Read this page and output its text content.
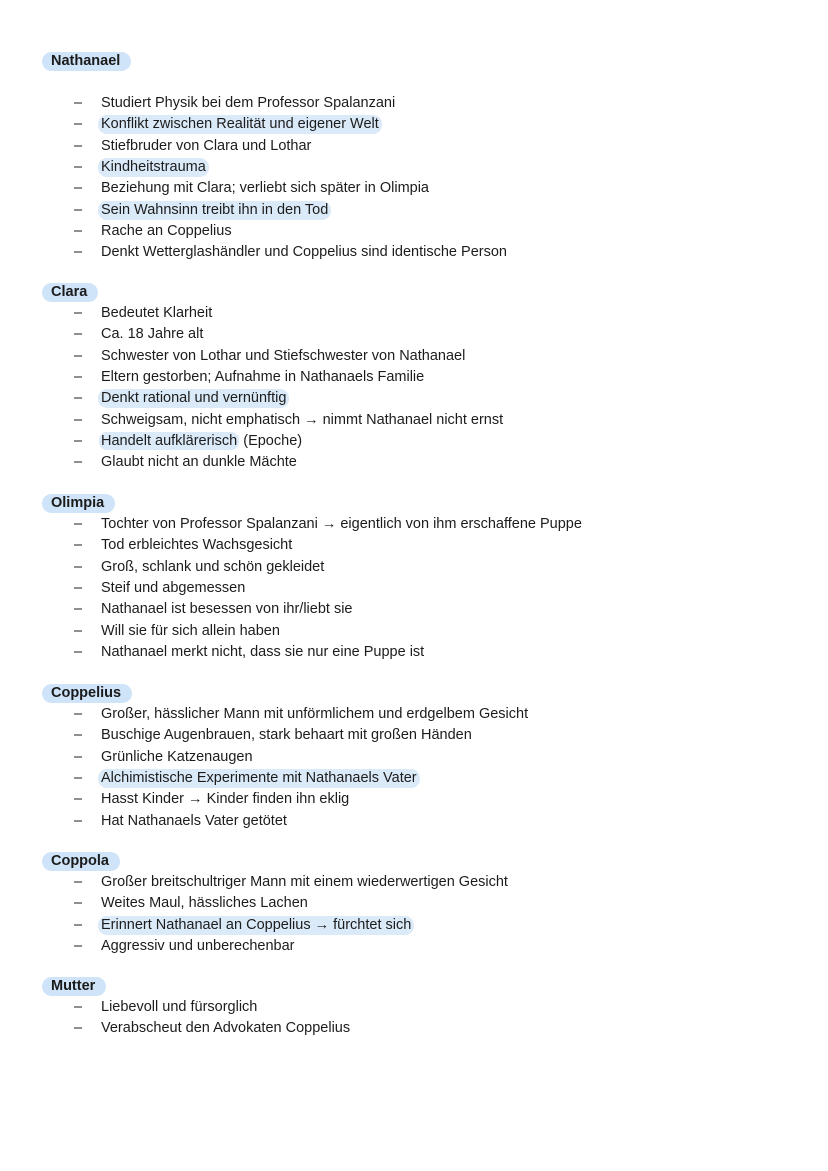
Nathanael
– Studiert Physik bei dem Professor Spalanzani
– Konflikt zwischen Realität und eigener Welt
– Stiefbruder von Clara und Lothar
– Kindheitstrauma
– Beziehung mit Clara; verliebt sich später in Olimpia
– Sein Wahnsinn treibt ihn in den Tod
– Rache an Coppelius
– Denkt Wetterglashändler und Coppelius sind identische Person
Clara
– Bedeutet Klarheit
– Ca. 18 Jahre alt
– Schwester von Lothar und Stiefschwester von Nathanael
– Eltern gestorben; Aufnahme in Nathanaels Familie
– Denkt rational und vernünftig
– Schweigsam, nicht emphatisch → nimmt Nathanael nicht ernst
– Handelt aufklärerisch (Epoche)
– Glaubt nicht an dunkle Mächte
Olimpia
– Tochter von Professor Spalanzani → eigentlich von ihm erschaffene Puppe
– Tod erbleichtes Wachsgesicht
– Groß, schlank und schön gekleidet
– Steif und abgemessen
– Nathanael ist besessen von ihr/liebt sie
– Will sie für sich allein haben
– Nathanael merkt nicht, dass sie nur eine Puppe ist
Coppelius
– Großer, hässlicher Mann mit unförmlichem und erdgelbem Gesicht
– Buschige Augenbrauen, stark behaart mit großen Händen
– Grünliche Katzenaugen
– Alchimistische Experimente mit Nathanaels Vater
– Hasst Kinder → Kinder finden ihn eklig
– Hat Nathanaels Vater getötet
Coppola
– Großer breitschultriger Mann mit einem wiederwertigen Gesicht
– Weites Maul, hässliches Lachen
– Erinnert Nathanael an Coppelius → fürchtet sich
– Aggressiv und unberechenbar
Mutter
– Liebevoll und fürsorglich
– Verabscheut den Advokaten Coppelius
